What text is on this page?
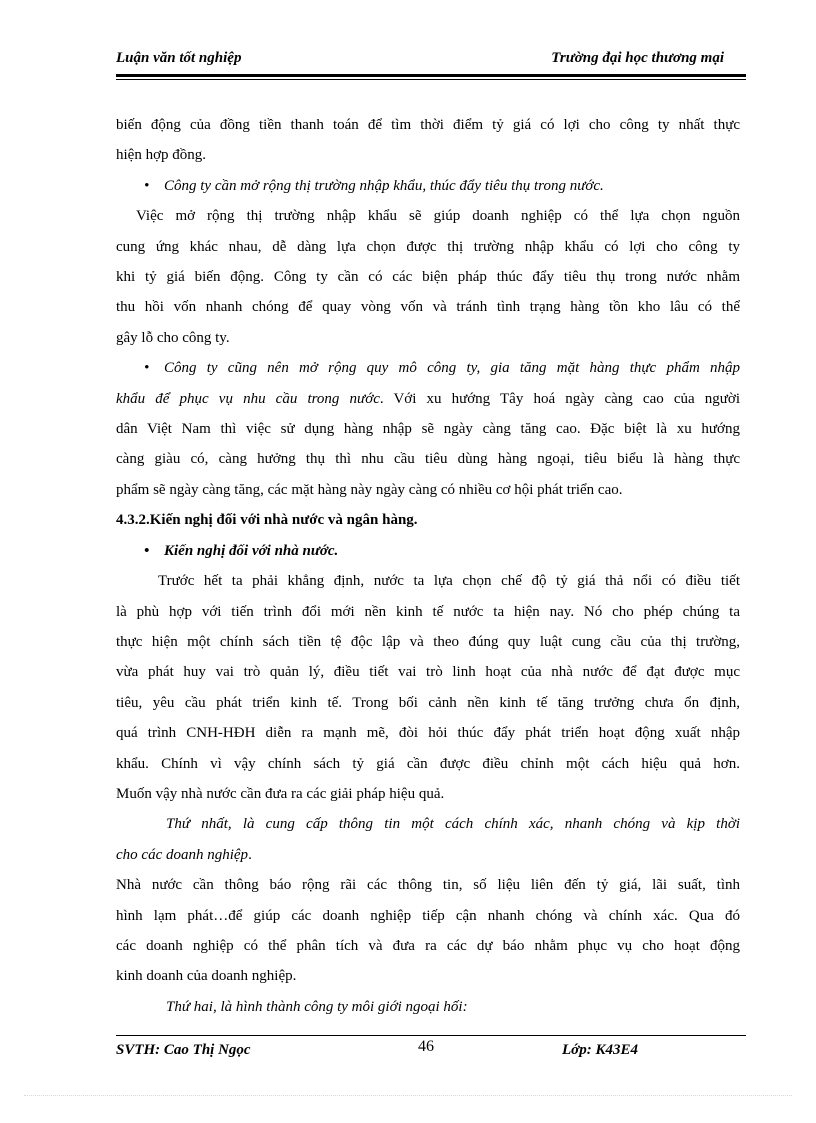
Luận văn tốt nghiệp	Trường đại học thương mại
biến động của đồng tiền thanh toán để tìm thời điểm tỷ giá có lợi cho công ty nhất thực
hiện hợp đồng.
• Công ty cần mở rộng thị trường nhập khẩu, thúc đẩy tiêu thụ trong nước.
Việc mở rộng thị trường nhập khẩu sẽ giúp doanh nghiệp có thể lựa chọn nguồn
cung ứng khác nhau, dễ dàng lựa chọn được thị trường nhập khẩu có lợi cho công ty
khi tỷ giá biến động. Công ty cần có các biện pháp thúc đẩy tiêu thụ trong nước nhằm
thu hồi vốn nhanh chóng để quay vòng vốn và tránh tình trạng hàng tồn kho lâu có thể
gây lỗ cho công ty.
• Công ty cũng nên mở rộng quy mô công ty, gia tăng mặt hàng thực phẩm nhập
khẩu để phục vụ nhu cầu trong nước. Với xu hướng Tây hoá ngày càng cao của người
dân Việt Nam thì việc sử dụng hàng nhập sẽ ngày càng tăng cao. Đặc biệt là xu hướng
càng giàu có, càng hưởng thụ thì nhu cầu tiêu dùng hàng ngoại, tiêu biểu là hàng thực
phẩm sẽ ngày càng tăng, các mặt hàng này ngày càng có nhiều cơ hội phát triển cao.
4.3.2.Kiến nghị đối với nhà nước và ngân hàng.
• Kiến nghị đối với nhà nước.
Trước hết ta phải khẳng định, nước ta lựa chọn chế độ tỷ giá thả nổi có điều tiết
là phù hợp với tiến trình đổi mới nền kinh tế nước ta hiện nay. Nó cho phép chúng ta
thực hiện một chính sách tiền tệ độc lập và theo đúng quy luật cung cầu của thị trường,
vừa phát huy vai trò quản lý, điều tiết vai trò linh hoạt của nhà nước để đạt được mục
tiêu, yêu cầu phát triển kinh tế. Trong bối cảnh nền kinh tế tăng trưởng chưa ổn định,
quá trình CNH-HĐH diễn ra mạnh mẽ, đòi hỏi thúc đẩy phát triển hoạt động xuất nhập
khẩu. Chính vì vậy chính sách tỷ giá cần được điều chỉnh một cách hiệu quả hơn.
Muốn vậy nhà nước cần đưa ra các giải pháp hiệu quả.
Thứ nhất, là cung cấp thông tin một cách chính xác, nhanh chóng và kịp thời
cho các doanh nghiệp.
Nhà nước cần thông báo rộng rãi các thông tin, số liệu liên đến tỷ giá, lãi suất, tình
hình lạm phát…để giúp các doanh nghiệp tiếp cận nhanh chóng và chính xác. Qua đó
các doanh nghiệp có thể phân tích và đưa ra các dự báo nhằm phục vụ cho hoạt động
kinh doanh của doanh nghiệp.
Thứ hai, là hình thành công ty môi giới ngoại hối:
SVTH: Cao Thị Ngọc	46	Lớp: K43E4
